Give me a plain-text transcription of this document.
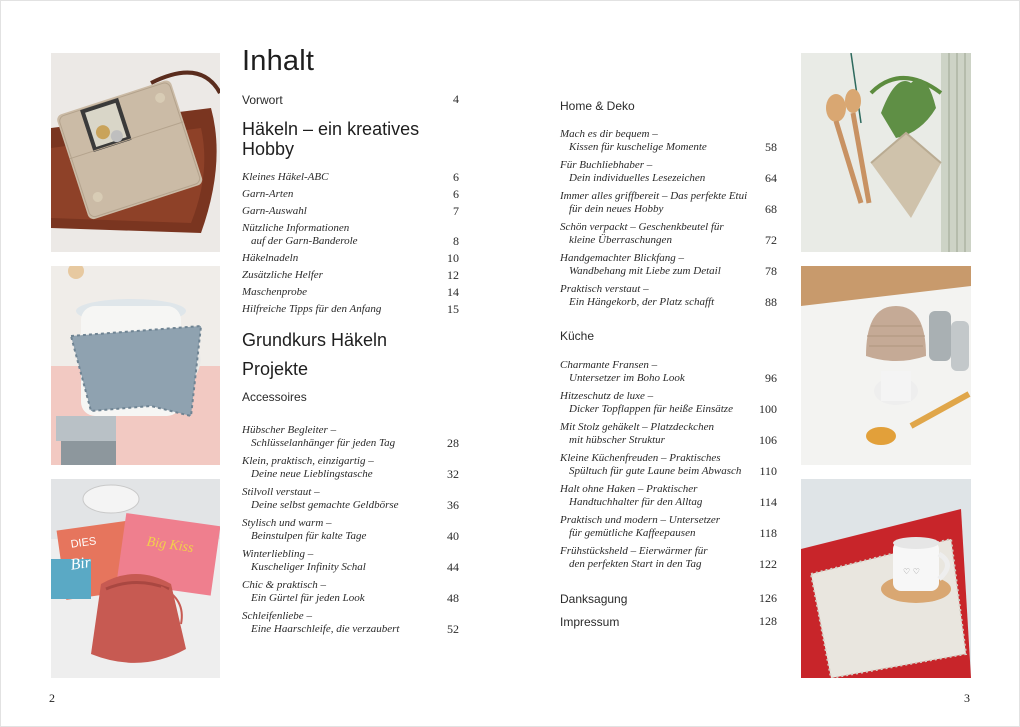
DIES
Bir
Big Kiss
♡ ♡
Inhalt
Vorwort	4
Häkeln – ein kreatives
Hobby
Kleines Häkel-ABC	6
Garn-Arten	6
Garn-Auswahl	7
Nützliche Informationen
auf der Garn-Banderole	8
Häkelnadeln	10
Zusätzliche Helfer	12
Maschenprobe	14
Hilfreiche Tipps für den Anfang	15
Grundkurs Häkeln
Projekte
Accessoires
Hübscher Begleiter –
Schlüsselanhänger für jeden Tag	28
Klein, praktisch, einzigartig –
Deine neue Lieblingstasche	32
Stilvoll verstaut –
Deine selbst gemachte Geldbörse	36
Stylisch und warm –
Beinstulpen für kalte Tage	40
Winterliebling –
Kuscheliger Infinity Schal	44
Chic & praktisch –
Ein Gürtel für jeden Look	48
Schleifenliebe –
Eine Haarschleife, die verzaubert	52
Home & Deko
Mach es dir bequem –
Kissen für kuschelige Momente	58
Für Buchliebhaber –
Dein individuelles Lesezeichen	64
Immer alles griffbereit – Das perfekte Etui
für dein neues Hobby	68
Schön verpackt – Geschenkbeutel für
kleine Überraschungen	72
Handgemachter Blickfang –
Wandbehang mit Liebe zum Detail	78
Praktisch verstaut –
Ein Hängekorb, der Platz schafft	88
Küche
Charmante Fransen –
Untersetzer im Boho Look	96
Hitzeschutz de luxe –
Dicker Topflappen für heiße Einsätze 100
Mit Stolz gehäkelt – Platzdeckchen
mit hübscher Struktur	106
Kleine Küchenfreuden – Praktisches
Spültuch für gute Laune beim Abwasch 110
Halt ohne Haken – Praktischer
Handtuchhalter für den Alltag	114
Praktisch und modern – Untersetzer
für gemütliche Kaffeepausen	118
Frühstücksheld – Eierwärmer für
den perfekten Start in den Tag	122
Danksagung	126
Impressum	128
2	3
